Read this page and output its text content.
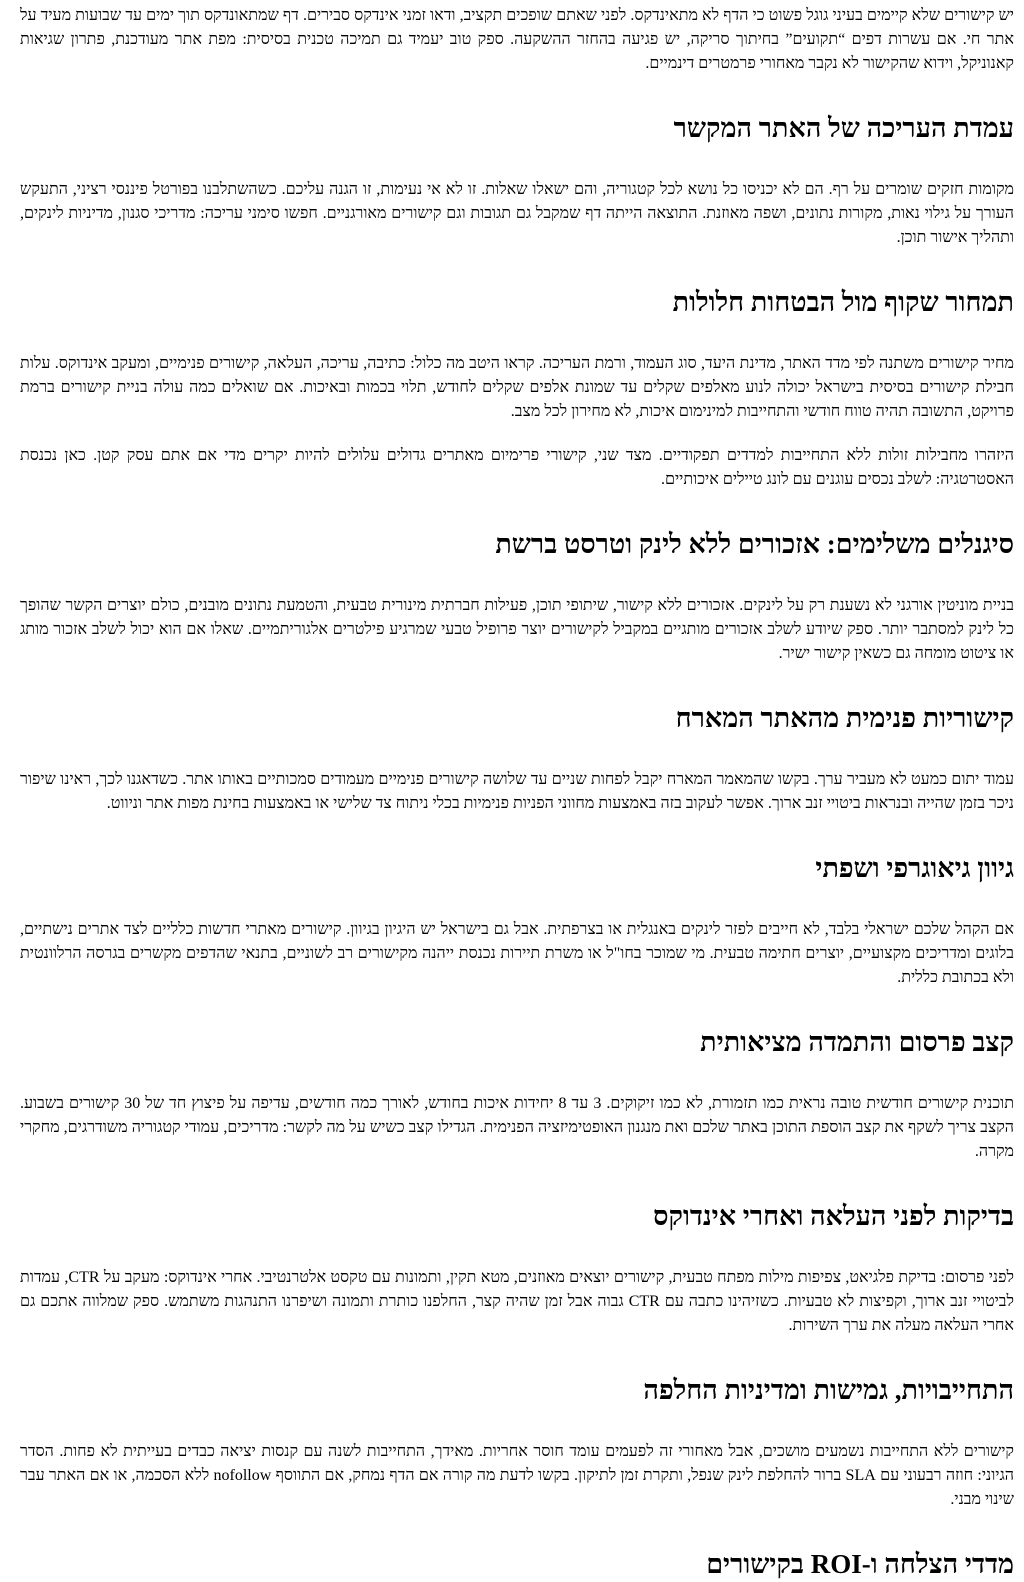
יש קישורים שלא קיימים בעיני גוגל פשוט כי הדף לא מתאינדקס. לפני שאתם שופכים תקציב, ודאו זמני אינדקס סבירים. דף שמתאונדקס תוך ימים עד שבועות מעיד על אתר חי. אם עשרות דפים “תקועים” בחיתוך סריקה, יש פגיעה בהחזר ההשקעה. ספק טוב יעמיד גם תמיכה טכנית בסיסית: מפת אתר מעודכנת, פתרון שגיאות קאנוניקל, וידוא שהקישור לא נקבר מאחורי פרמטרים דינמיים.

עמדת העריכה של האתר המקשר

מקומות חזקים שומרים על רף. הם לא יכניסו כל נושא לכל קטגוריה, והם ישאלו שאלות. זו לא אי נעימות, זו הגנה עליכם. כשהשתלבנו בפורטל פיננסי רציני, התעקש העורך על גילוי נאות, מקורות נתונים, ושפה מאוזנת. התוצאה הייתה דף שמקבל גם תגובות וגם קישורים מאורגניים. חפשו סימני עריכה: מדריכי סגנון, מדיניות לינקים, ותהליך אישור תוכן.

תמחור שקוף מול הבטחות חלולות

מחיר קישורים משתנה לפי מדד האתר, מדינת היעד, סוג העמוד, ורמת העריכה. קראו היטב מה כלול: כתיבה, עריכה, העלאה, קישורים פנימיים, ומעקב אינדוקס. עלות חבילת קישורים בסיסית בישראל יכולה לנוע מאלפים שקלים עד שמונת אלפים שקלים לחודש, תלוי בכמות ובאיכות. אם שואלים כמה עולה בניית קישורים ברמת פרויקט, התשובה תהיה טווח חודשי והתחייבות למינימום איכות, לא מחירון לכל מצב.

היזהרו מחבילות זולות ללא התחייבות למדדים תפקודיים. מצד שני, קישורי פרימיום מאתרים גדולים עלולים להיות יקרים מדי אם אתם עסק קטן. כאן נכנסת האסטרטגיה: לשלב נכסים עוגנים עם לונג טיילים איכותיים.

סיגנלים משלימים: אזכורים ללא לינק וטרסט ברשת

בניית מוניטין אורגני לא נשענת רק על לינקים. אזכורים ללא קישור, שיתופי תוכן, פעילות חברתית מינורית טבעית, והטמעת נתונים מובנים, כולם יוצרים הקשר שהופך כל לינק למסתבר יותר. ספק שיודע לשלב אזכורים מותגיים במקביל לקישורים יוצר פרופיל טבעי שמרגיע פילטרים אלגוריתמיים. שאלו אם הוא יכול לשלב אזכור מותג או ציטוט מומחה גם כשאין קישור ישיר.

קישוריות פנימית מהאתר המארח

עמוד יתום כמעט לא מעביר ערך. בקשו שהמאמר המארח יקבל לפחות שניים עד שלושה קישורים פנימיים מעמודים סמכותיים באותו אתר. כשדאגנו לכך, ראינו שיפור ניכר בזמן שהייה ובנראות ביטויי זנב ארוך. אפשר לעקוב בזה באמצעות מחווני הפניות פנימיות בכלי ניתוח צד שלישי או באמצעות בחינת מפות אתר וניווט.

גיוון גיאוגרפי ושפתי

אם הקהל שלכם ישראלי בלבד, לא חייבים לפזר לינקים באנגלית או בצרפתית. אבל גם בישראל יש היגיון בגיוון. קישורים מאתרי חדשות כלליים לצד אתרים נישתיים, בלוגים ומדריכים מקצועיים, יוצרים חתימה טבעית. מי שמוכר בחו"ל או משרת תיירות נכנסת ייהנה מקישורים רב לשוניים, בתנאי שהדפים מקשרים בגרסה הרלוונטית ולא בכתובת כללית.

קצב פרסום והתמדה מציאותית

תוכנית קישורים חודשית טובה נראית כמו תזמורת, לא כמו זיקוקים. 3 עד 8 יחידות איכות בחודש, לאורך כמה חודשים, עדיפה על פיצוץ חד של 30 קישורים בשבוע. הקצב צריך לשקף את קצב הוספת התוכן באתר שלכם ואת מנגנון האופטימיזציה הפנימית. הגדילו קצב כשיש על מה לקשר: מדריכים, עמודי קטגוריה משודרגים, מחקרי מקרה.

בדיקות לפני העלאה ואחרי אינדוקס

לפני פרסום: בדיקת פלגיאט, צפיפות מילות מפתח טבעית, קישורים יוצאים מאוזנים, מטא תקין, ותמונות עם טקסט אלטרנטיבי. אחרי אינדוקס: מעקב על CTR, עמדות לביטויי זנב ארוך, וקפיצות לא טבעיות. כשזיהינו כתבה עם CTR גבוה אבל זמן שהיה קצר, החלפנו כותרת ותמונה ושיפרנו התנהגות משתמש. ספק שמלווה אתכם גם אחרי העלאה מעלה את ערך השירות.

התחייבויות, גמישות ומדיניות החלפה

קישורים ללא התחייבות נשמעים מושכים, אבל מאחורי זה לפעמים עומד חוסר אחריות. מאידך, התחייבות לשנה עם קנסות יציאה כבדים בעייתית לא פחות. הסדר הגיוני: חוזה רבעוני עם SLA ברור להחלפת לינק שנפל, ותקרת זמן לתיקון. בקשו לדעת מה קורה אם הדף נמחק, אם התווסף nofollow ללא הסכמה, או אם האתר עבר שינוי מבני.

מדדי הצלחה ו-ROI בקישורים
